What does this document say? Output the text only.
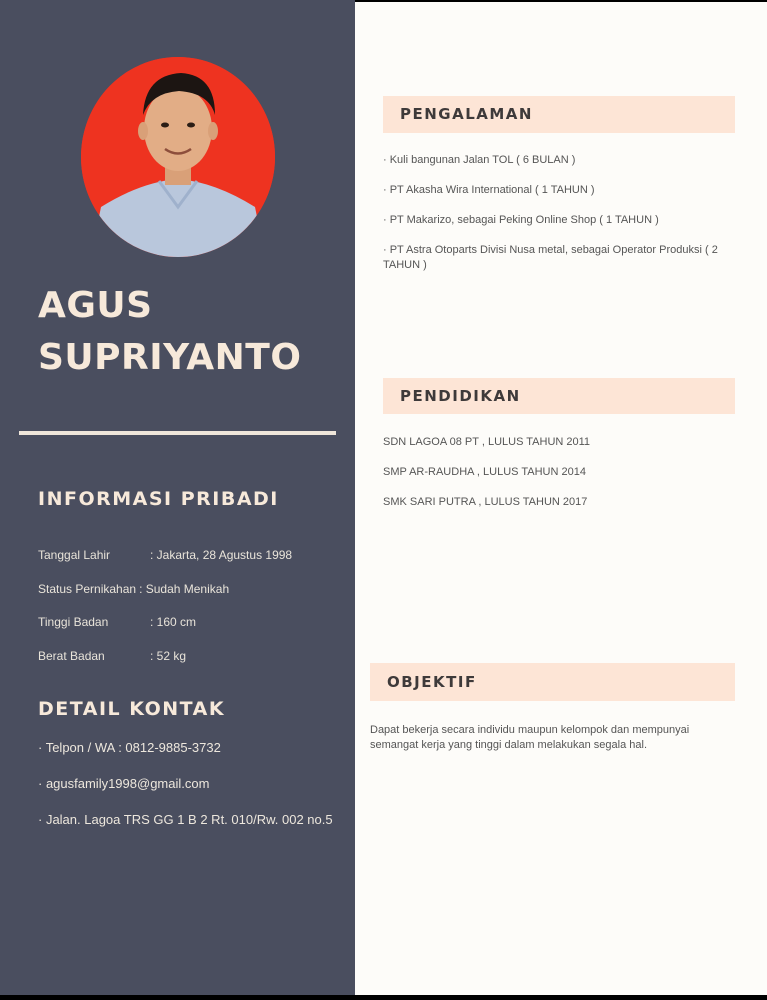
AGUS
SUPRIYANTO
INFORMASI PRIBADI
Tanggal Lahir	: Jakarta, 28 Agustus 1998
Status Pernikahan : Sudah Menikah
Tinggi Badan	: 160 cm
Berat Badan	: 52 kg
DETAIL KONTAK
· Telpon / WA : 0812-9885-3732
· agusfamily1998@gmail.com
· Jalan. Lagoa TRS GG 1 B 2 Rt. 010/Rw. 002 no.5
PENGALAMAN
· Kuli bangunan Jalan TOL ( 6 BULAN )
· PT Akasha Wira International ( 1 TAHUN )
· PT Makarizo, sebagai Peking Online Shop ( 1 TAHUN )
· PT Astra Otoparts Divisi Nusa metal, sebagai Operator Produksi ( 2 TAHUN )
PENDIDIKAN
SDN LAGOA 08 PT , LULUS TAHUN 2011
SMP AR-RAUDHA , LULUS TAHUN 2014
SMK SARI PUTRA , LULUS TAHUN 2017
OBJEKTIF
Dapat bekerja secara individu maupun kelompok dan mempunyai semangat kerja yang tinggi dalam melakukan segala hal.
